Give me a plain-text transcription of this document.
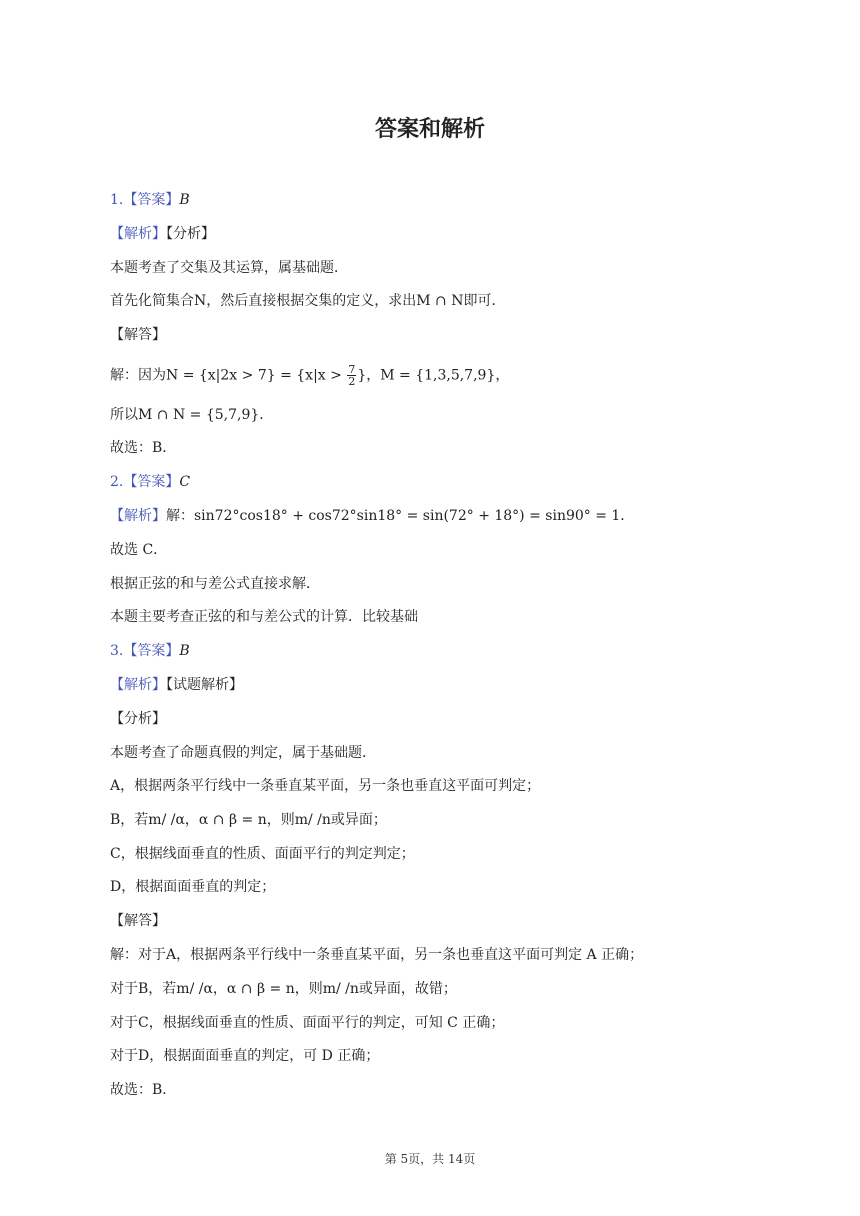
答案和解析
1.【答案】B
【解析】【分析】
本题考查了交集及其运算，属基础题．
首先化简集合N，然后直接根据交集的定义，求出M ∩ N即可．
【解答】
解：因为$N = \{x|2x > 7\} = \{x|x > \frac{7}{2}$ }，M = {1,3,5,7,9}，
所以M ∩ N = {5,7,9}．
故选：B．
2.【答案】C
【解析】解：sin72°cos18° + cos72°sin18° = sin(72° + 18°) = sin90° = 1．
故选 C．
根据正弦的和与差公式直接求解．
本题主要考查正弦的和与差公式的计算．比较基础
3.【答案】B
【解析】【试题解析】
【分析】
本题考查了命题真假的判定，属于基础题．
A，根据两条平行线中一条垂直某平面，另一条也垂直这平面可判定；
B，若m/ /α，α ∩ β = n，则m/ /n或异面；
C，根据线面垂直的性质、面面平行的判定判定；
D，根据面面垂直的判定；
【解答】
解：对于A，根据两条平行线中一条垂直某平面，另一条也垂直这平面可判定 A 正确；
对于B，若m/ /α，α ∩ β = n，则m/ /n或异面，故错；
对于C，根据线面垂直的性质、面面平行的判定，可知 C 正确；
对于D，根据面面垂直的判定，可 D 正确；
故选：B．
第 5页，共 14页
